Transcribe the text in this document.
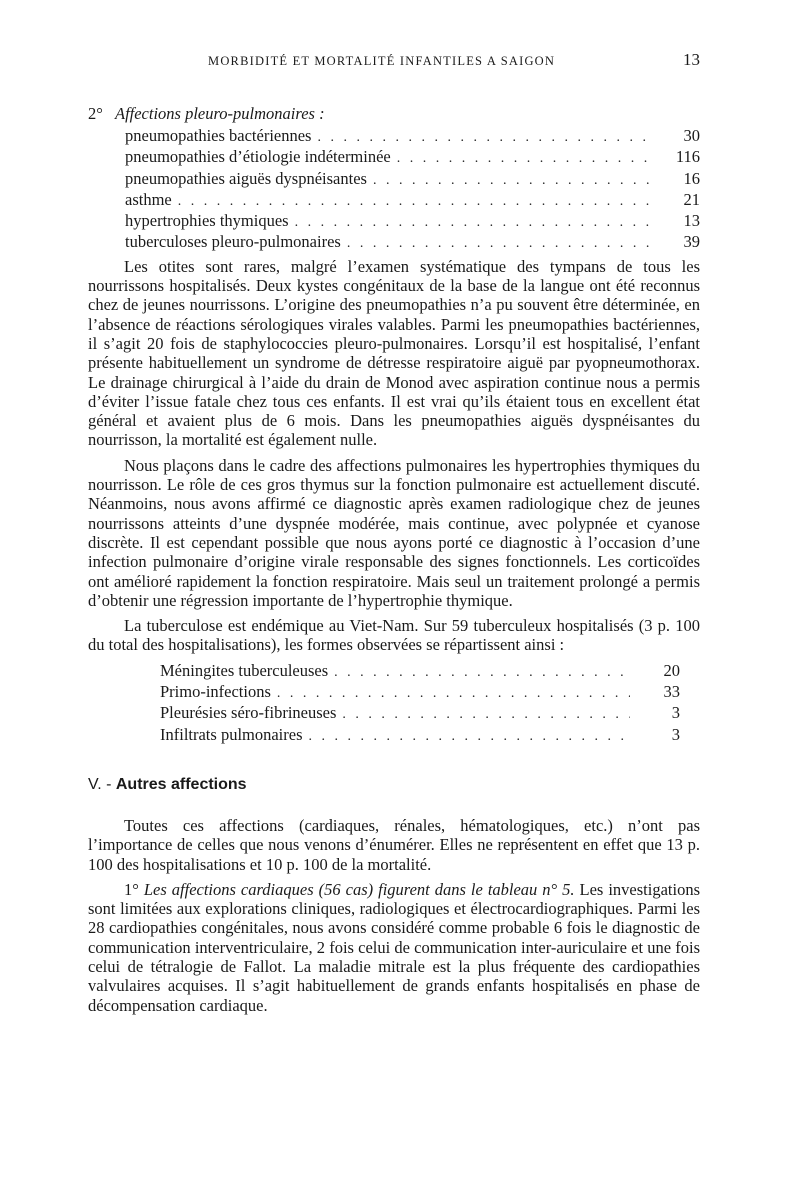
MORBIDITÉ ET MORTALITÉ INFANTILES A SAIGON	13
2° Affections pleuro-pulmonaires :
pneumopathies bactériennes . . .	30
pneumopathies d’étiologie indéterminée . . .	116
pneumopathies aiguës dyspnéisantes . . .	16
asthme . . .	21
hypertrophies thymiques . . .	13
tuberculoses pleuro-pulmonaires . . .	39

Les otites sont rares, malgré l’examen systématique des tympans de tous les nourrissons hospitalisés. Deux kystes congénitaux de la base de la langue ont été reconnus chez de jeunes nourrissons. L’origine des pneumopathies n’a pu souvent être déterminée, en l’absence de réactions sérologiques virales valables. Parmi les pneumopathies bactériennes, il s’agit 20 fois de staphylococcies pleuro-pulmonaires. Lorsqu’il est hospitalisé, l’enfant présente habituellement un syndrome de détresse respiratoire aiguë par pyopneumothorax. Le drainage chirurgical à l’aide du drain de Monod avec aspiration continue nous a permis d’éviter l’issue fatale chez tous ces enfants. Il est vrai qu’ils étaient tous en excellent état général et avaient plus de 6 mois. Dans les pneumopathies aiguës dyspnéisantes du nourrisson, la mortalité est également nulle.

Nous plaçons dans le cadre des affections pulmonaires les hypertrophies thymiques du nourrisson. Le rôle de ces gros thymus sur la fonction pulmonaire est actuellement discuté. Néanmoins, nous avons affirmé ce diagnostic après examen radiologique chez de jeunes nourrissons atteints d’une dyspnée modérée, mais continue, avec polypnée et cyanose discrète. Il est cependant possible que nous ayons porté ce diagnostic à l’occasion d’une infection pulmonaire d’origine virale responsable des signes fonctionnels. Les corticoïdes ont amélioré rapidement la fonction respiratoire. Mais seul un traitement prolongé a permis d’obtenir une régression importante de l’hypertrophie thymique.

La tuberculose est endémique au Viet-Nam. Sur 59 tuberculeux hospitalisés (3 p. 100 du total des hospitalisations), les formes observées se répartissent ainsi :

Méningites tuberculeuses . . .	20
Primo-infections . . .	33
Pleurésies séro-fibrineuses . . .	3
Infiltrats pulmonaires . . .	3
V. - Autres affections

Toutes ces affections (cardiaques, rénales, hématologiques, etc.) n’ont pas l’importance de celles que nous venons d’énumérer. Elles ne représentent en effet que 13 p. 100 des hospitalisations et 10 p. 100 de la mortalité.

1° Les affections cardiaques (56 cas) figurent dans le tableau n° 5. Les investigations sont limitées aux explorations cliniques, radiologiques et électrocardiographiques. Parmi les 28 cardiopathies congénitales, nous avons considéré comme probable 6 fois le diagnostic de communication interventriculaire, 2 fois celui de communication inter-auriculaire et une fois celui de tétralogie de Fallot. La maladie mitrale est la plus fréquente des cardiopathies valvulaires acquises. Il s’agit habituellement de grands enfants hospitalisés en phase de décompensation cardiaque.
